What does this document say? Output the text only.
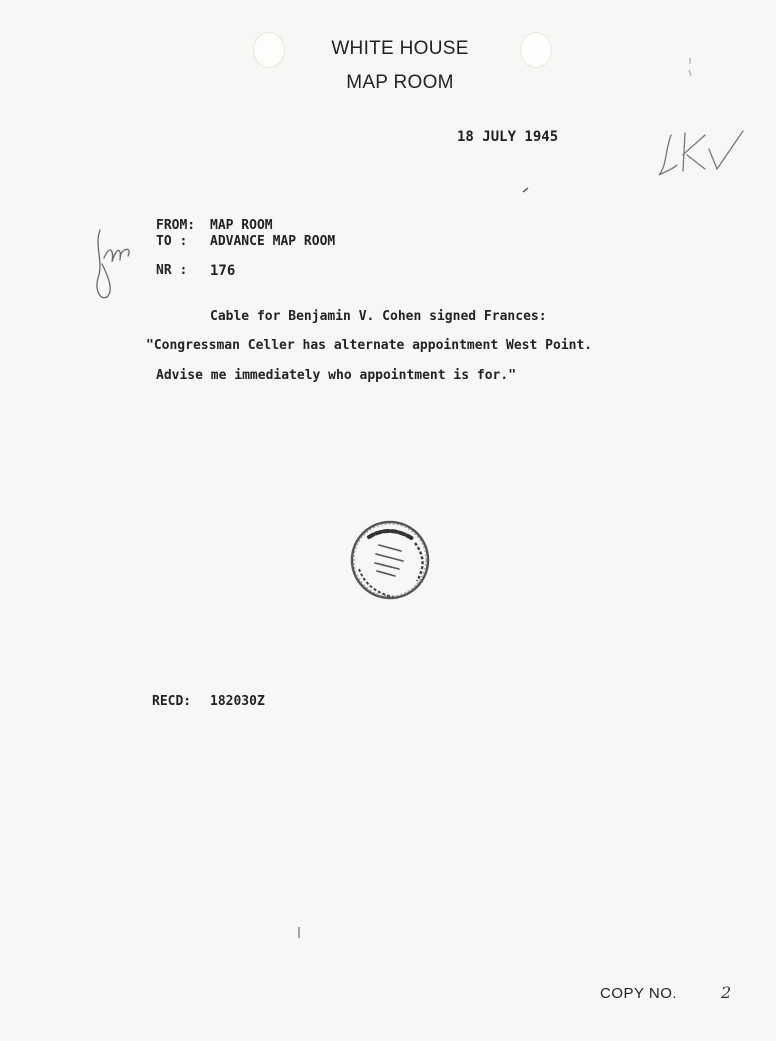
WHITE HOUSE
MAP ROOM
18 JULY 1945
FROM: MAP ROOM
TO : ADVANCE MAP ROOM
NR : 176
Cable for Benjamin V. Cohen signed Frances:
"Congressman Celler has alternate appointment West Point.
Advise me immediately who appointment is for."
RECD: 182030Z
COPY NO.	2
